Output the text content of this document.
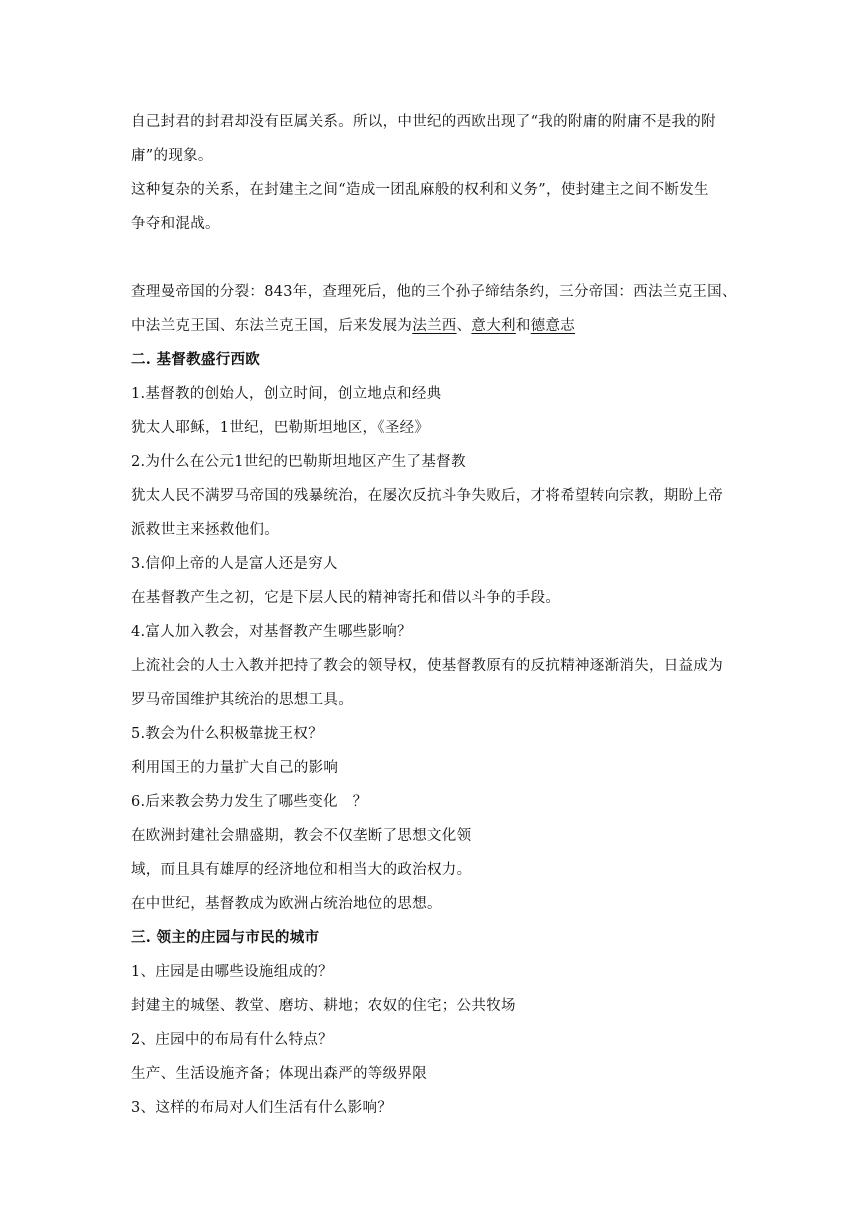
自己封君的封君却没有臣属关系。所以，中世纪的西欧出现了“我的附庸的附庸不是我的附
庸”的现象。
这种复杂的关系，在封建主之间“造成一团乱麻般的权利和义务”，使封建主之间不断发生
争夺和混战。
查理曼帝国的分裂：843年，查理死后，他的三个孙子缔结条约，三分帝国：西法兰克王国、
中法兰克王国、东法兰克王国，后来发展为法兰西、意大利和德意志
二. 基督教盛行西欧
1.基督教的创始人，创立时间，创立地点和经典
犹太人耶稣，1世纪，巴勒斯坦地区，《圣经》
2.为什么在公元1世纪的巴勒斯坦地区产生了基督教
犹太人民不满罗马帝国的残暴统治，在屡次反抗斗争失败后，才将希望转向宗教，期盼上帝
派救世主来拯救他们。
3.信仰上帝的人是富人还是穷人
在基督教产生之初，它是下层人民的精神寄托和借以斗争的手段。
4.富人加入教会，对基督教产生哪些影响？
上流社会的人士入教并把持了教会的领导权，使基督教原有的反抗精神逐渐消失，日益成为
罗马帝国维护其统治的思想工具。
5.教会为什么积极靠拢王权？
利用国王的力量扩大自己的影响
6.后来教会势力发生了哪些变化　？
在欧洲封建社会鼎盛期，教会不仅垄断了思想文化领
域，而且具有雄厚的经济地位和相当大的政治权力。
在中世纪，基督教成为欧洲占统治地位的思想。
三. 领主的庄园与市民的城市
1、庄园是由哪些设施组成的？
封建主的城堡、教堂、磨坊、耕地；农奴的住宅；公共牧场
2、庄园中的布局有什么特点？
生产、生活设施齐备；体现出森严的等级界限
3、这样的布局对人们生活有什么影响？
